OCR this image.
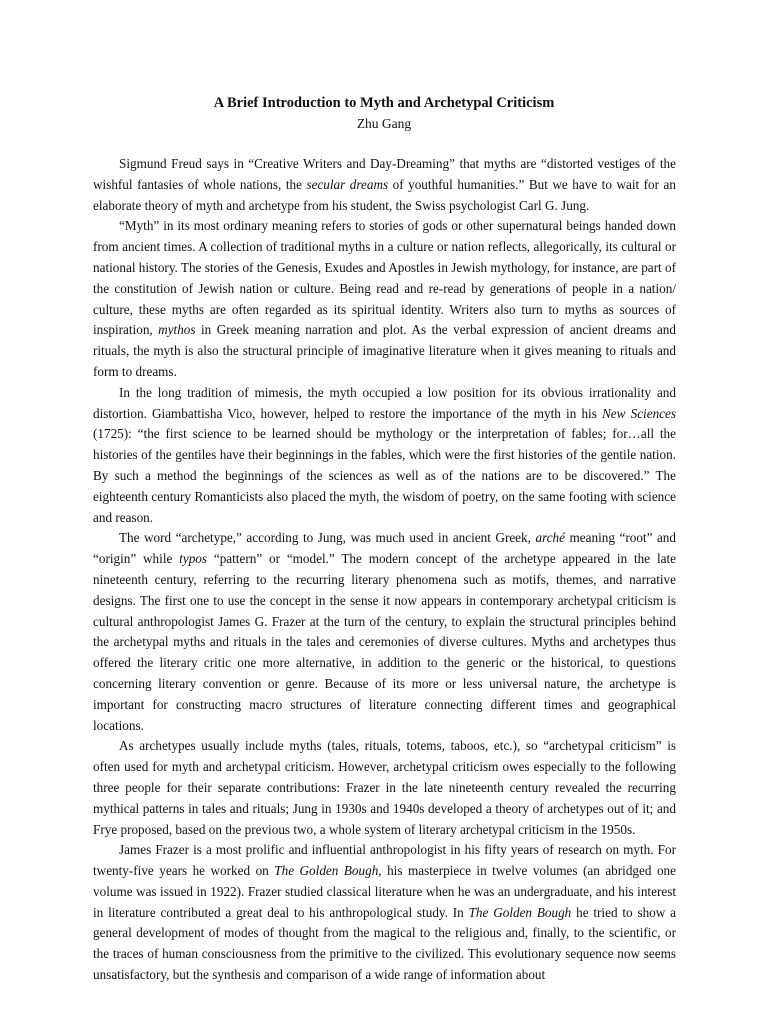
A Brief Introduction to Myth and Archetypal Criticism
Zhu Gang

Sigmund Freud says in “Creative Writers and Day-Dreaming” that myths are “distorted vestiges of the wishful fantasies of whole nations, the secular dreams of youthful humanities.” But we have to wait for an elaborate theory of myth and archetype from his student, the Swiss psychologist Carl G. Jung.

“Myth” in its most ordinary meaning refers to stories of gods or other supernatural beings handed down from ancient times. A collection of traditional myths in a culture or nation reflects, allegorically, its cultural or national history. The stories of the Genesis, Exudes and Apostles in Jewish mythology, for instance, are part of the constitution of Jewish nation or culture. Being read and re-read by generations of people in a nation/ culture, these myths are often regarded as its spiritual identity. Writers also turn to myths as sources of inspiration, mythos in Greek meaning narration and plot. As the verbal expression of ancient dreams and rituals, the myth is also the structural principle of imaginative literature when it gives meaning to rituals and form to dreams.

In the long tradition of mimesis, the myth occupied a low position for its obvious irrationality and distortion. Giambattisha Vico, however, helped to restore the importance of the myth in his New Sciences (1725): “the first science to be learned should be mythology or the interpretation of fables; for…all the histories of the gentiles have their beginnings in the fables, which were the first histories of the gentile nation. By such a method the beginnings of the sciences as well as of the nations are to be discovered.” The eighteenth century Romanticists also placed the myth, the wisdom of poetry, on the same footing with science and reason.

The word “archetype,” according to Jung, was much used in ancient Greek, arché meaning “root” and “origin” while typos “pattern” or “model.” The modern concept of the archetype appeared in the late nineteenth century, referring to the recurring literary phenomena such as motifs, themes, and narrative designs. The first one to use the concept in the sense it now appears in contemporary archetypal criticism is cultural anthropologist James G. Frazer at the turn of the century, to explain the structural principles behind the archetypal myths and rituals in the tales and ceremonies of diverse cultures. Myths and archetypes thus offered the literary critic one more alternative, in addition to the generic or the historical, to questions concerning literary convention or genre. Because of its more or less universal nature, the archetype is important for constructing macro structures of literature connecting different times and geographical locations.

As archetypes usually include myths (tales, rituals, totems, taboos, etc.), so “archetypal criticism” is often used for myth and archetypal criticism. However, archetypal criticism owes especially to the following three people for their separate contributions: Frazer in the late nineteenth century revealed the recurring mythical patterns in tales and rituals; Jung in 1930s and 1940s developed a theory of archetypes out of it; and Frye proposed, based on the previous two, a whole system of literary archetypal criticism in the 1950s.

James Frazer is a most prolific and influential anthropologist in his fifty years of research on myth. For twenty-five years he worked on The Golden Bough, his masterpiece in twelve volumes (an abridged one volume was issued in 1922). Frazer studied classical literature when he was an undergraduate, and his interest in literature contributed a great deal to his anthropological study. In The Golden Bough he tried to show a general development of modes of thought from the magical to the religious and, finally, to the scientific, or the traces of human consciousness from the primitive to the civilized. This evolutionary sequence now seems unsatisfactory, but the synthesis and comparison of a wide range of information about
